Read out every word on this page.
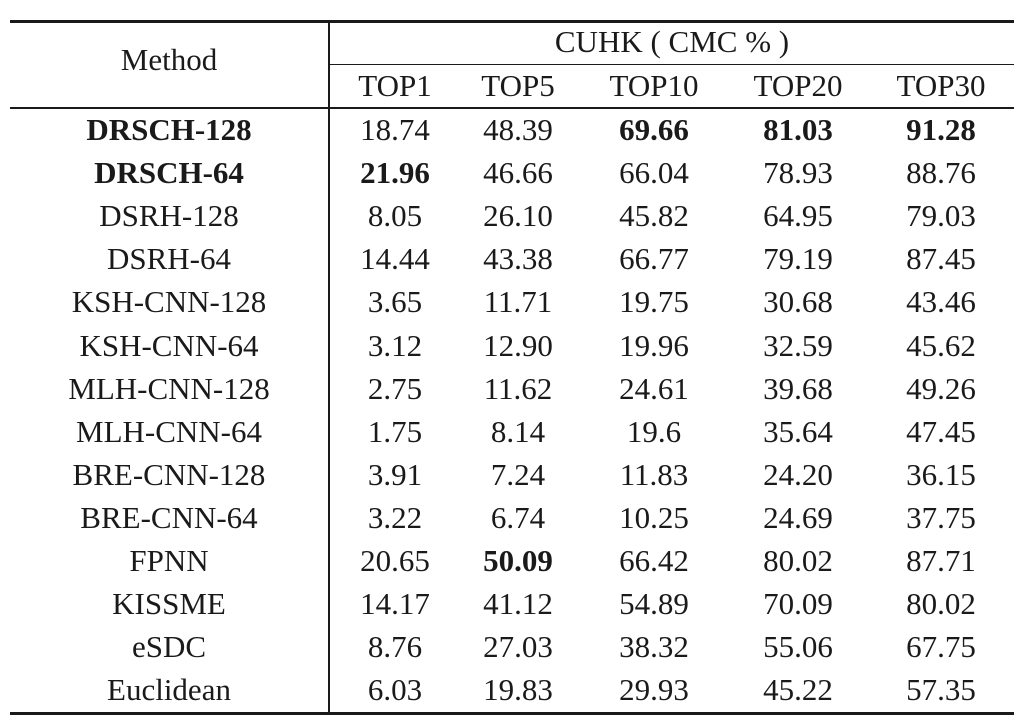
Method
CUHK ( CMC % )
TOP1	TOP5	TOP10	TOP20	TOP30
DRSCH-128	18.74	48.39	69.66	81.03	91.28
DRSCH-64	21.96	46.66	66.04	78.93	88.76
DSRH-128	8.05	26.10	45.82	64.95	79.03
DSRH-64	14.44	43.38	66.77	79.19	87.45
KSH-CNN-128	3.65	11.71	19.75	30.68	43.46
KSH-CNN-64	3.12	12.90	19.96	32.59	45.62
MLH-CNN-128	2.75	11.62	24.61	39.68	49.26
MLH-CNN-64	1.75	8.14	19.6	35.64	47.45
BRE-CNN-128	3.91	7.24	11.83	24.20	36.15
BRE-CNN-64	3.22	6.74	10.25	24.69	37.75
FPNN	20.65	50.09	66.42	80.02	87.71
KISSME	14.17	41.12	54.89	70.09	80.02
eSDC	8.76	27.03	38.32	55.06	67.75
Euclidean	6.03	19.83	29.93	45.22	57.35
